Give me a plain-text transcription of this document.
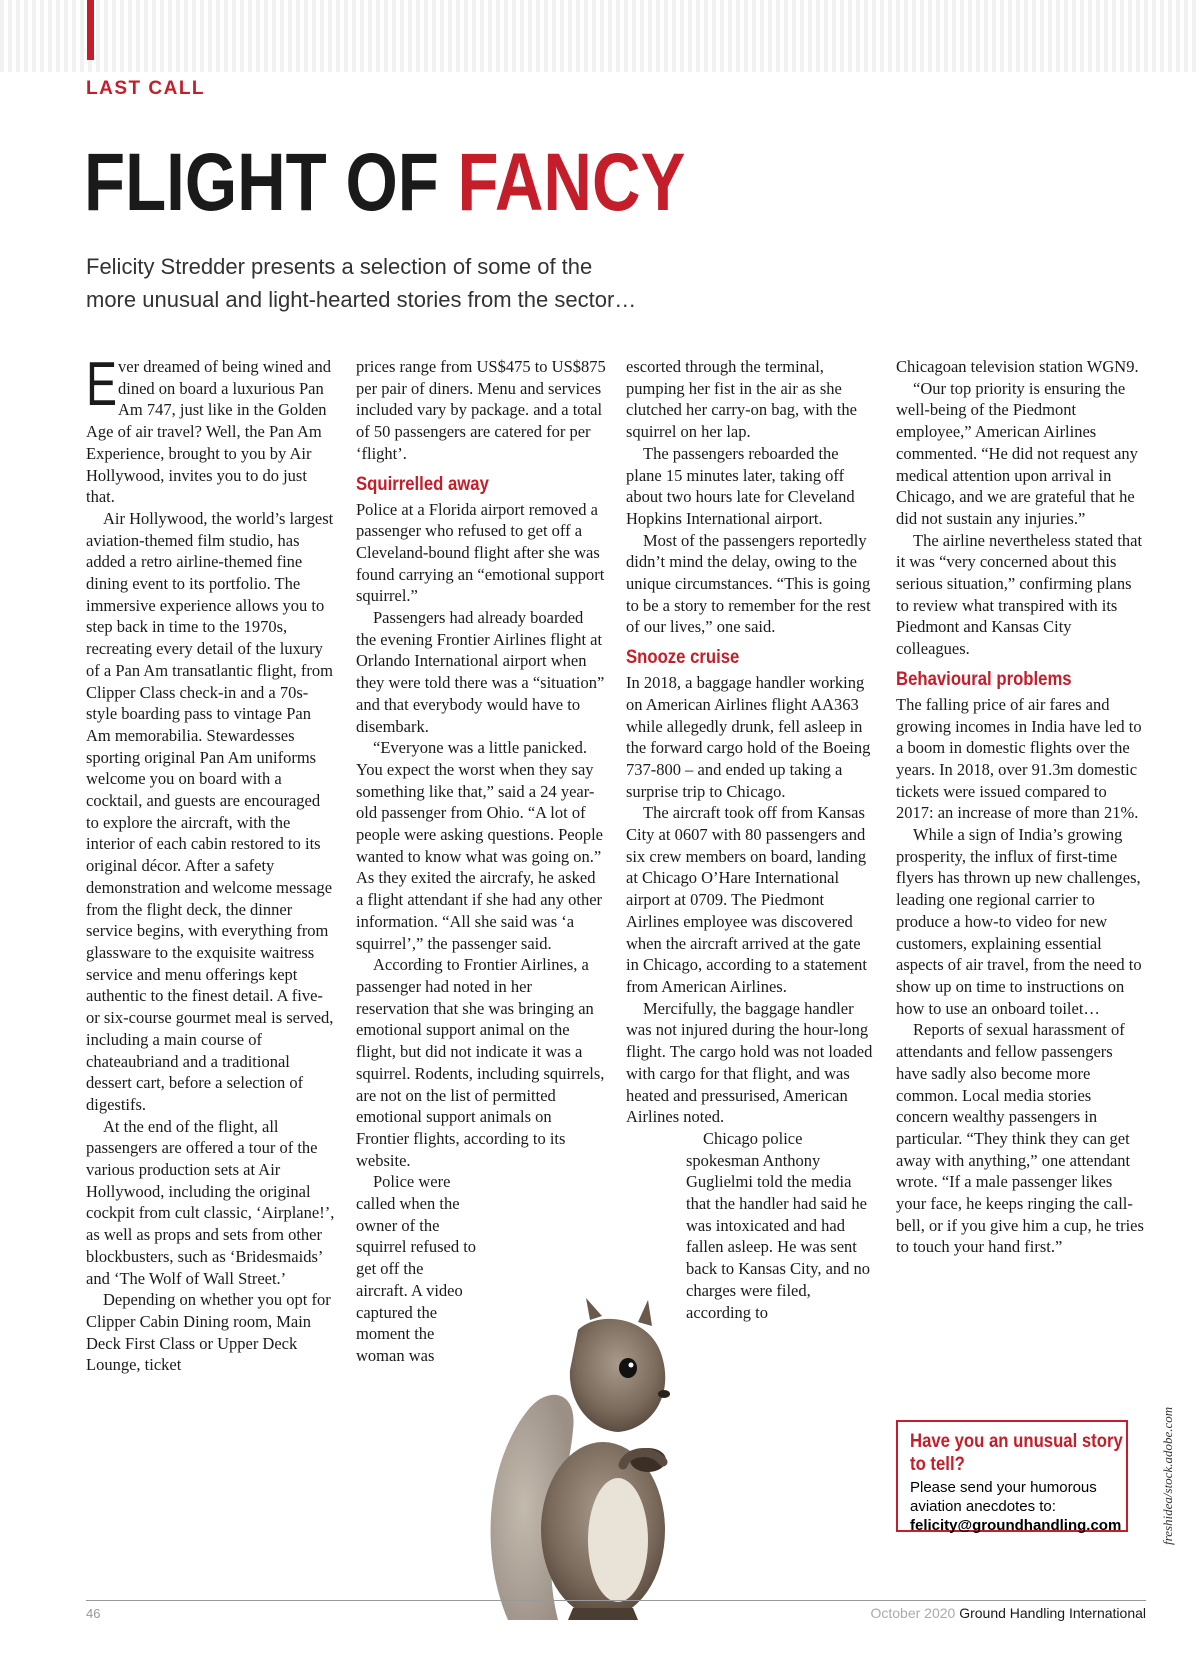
LAST CALL
FLIGHT OF FANCY

Felicity Stredder presents a selection of some of the more unusual and light-hearted stories from the sector…

Ever dreamed of being wined and dined on board a luxurious Pan Am 747, just like in the Golden Age of air travel? Well, the Pan Am Experience, brought to you by Air Hollywood, invites you to do just that.

Air Hollywood, the world’s largest aviation-themed film studio, has added a retro airline-themed fine dining event to its portfolio. The immersive experience allows you to step back in time to the 1970s, recreating every detail of the luxury of a Pan Am transatlantic flight, from Clipper Class check-in and a 70s-style boarding pass to vintage Pan Am memorabilia. Stewardesses sporting original Pan Am uniforms welcome you on board with a cocktail, and guests are encouraged to explore the aircraft, with the interior of each cabin restored to its original décor. After a safety demonstration and welcome message from the flight deck, the dinner service begins, with everything from glassware to the exquisite waitress service and menu offerings kept authentic to the finest detail. A five- or six-course gourmet meal is served, including a main course of chateaubriand and a traditional dessert cart, before a selection of digestifs.

At the end of the flight, all passengers are offered a tour of the various production sets at Air Hollywood, including the original cockpit from cult classic, ‘Airplane!’, as well as props and sets from other blockbusters, such as ‘Bridesmaids’ and ‘The Wolf of Wall Street.’

Depending on whether you opt for Clipper Cabin Dining room, Main Deck First Class or Upper Deck Lounge, ticket

prices range from US$475 to US$875 per pair of diners. Menu and services included vary by package. and a total of 50 passengers are catered for per ‘flight’.

Squirrelled away

Police at a Florida airport removed a passenger who refused to get off a Cleveland-bound flight after she was found carrying an “emotional support squirrel.”

Passengers had already boarded the evening Frontier Airlines flight at Orlando International airport when they were told there was a “situation” and that everybody would have to disembark.

“Everyone was a little panicked. You expect the worst when they say something like that,” said a 24 year-old passenger from Ohio. “A lot of people were asking questions. People wanted to know what was going on.” As they exited the aircrafy, he asked a flight attendant if she had any other information. “All she said was ‘a squirrel’,” the passenger said.

According to Frontier Airlines, a passenger had noted in her reservation that she was bringing an emotional support animal on the flight, but did not indicate it was a squirrel. Rodents, including squirrels, are not on the list of permitted emotional support animals on Frontier flights, according to its website.

Police were called when the owner of the squirrel refused to get off the aircraft. A video captured the moment the woman was

escorted through the terminal, pumping her fist in the air as she clutched her carry-on bag, with the squirrel on her lap.

The passengers reboarded the plane 15 minutes later, taking off about two hours late for Cleveland Hopkins International airport.

Most of the passengers reportedly didn’t mind the delay, owing to the unique circumstances. “This is going to be a story to remember for the rest of our lives,” one said.

Snooze cruise

In 2018, a baggage handler working on American Airlines flight AA363 while allegedly drunk, fell asleep in the forward cargo hold of the Boeing 737-800 – and ended up taking a surprise trip to Chicago.

The aircraft took off from Kansas City at 0607 with 80 passengers and six crew members on board, landing at Chicago O’Hare International airport at 0709. The Piedmont Airlines employee was discovered when the aircraft arrived at the gate in Chicago, according to a statement from American Airlines.

Mercifully, the baggage handler was not injured during the hour-long flight. The cargo hold was not loaded with cargo for that flight, and was heated and pressurised, American Airlines noted.

Chicago police spokesman Anthony Guglielmi told the media that the handler had said he was intoxicated and had fallen asleep. He was sent back to Kansas City, and no charges were filed, according to

Chicagoan television station WGN9.

“Our top priority is ensuring the well-being of the Piedmont employee,” American Airlines commented. “He did not request any medical attention upon arrival in Chicago, and we are grateful that he did not sustain any injuries.”

The airline nevertheless stated that it was “very concerned about this serious situation,” confirming plans to review what transpired with its Piedmont and Kansas City colleagues.

Behavioural problems

The falling price of air fares and growing incomes in India have led to a boom in domestic flights over the years. In 2018, over 91.3m domestic tickets were issued compared to 2017: an increase of more than 21%.

While a sign of India’s growing prosperity, the influx of first-time flyers has thrown up new challenges, leading one regional carrier to produce a how-to video for new customers, explaining essential aspects of air travel, from the need to show up on time to instructions on how to use an onboard toilet…

Reports of sexual harassment of attendants and fellow passengers have sadly also become more common. Local media stories concern wealthy passengers in particular. “They think they can get away with anything,” one attendant wrote. “If a male passenger likes your face, he keeps ringing the call-bell, or if you give him a cup, he tries to touch your hand first.”

Have you an unusual story
to tell?
Please send your humorous aviation anecdotes to:
felicity@groundhandling.com	freshidea/stock.adobe.com
46	October 2020 Ground Handling International
